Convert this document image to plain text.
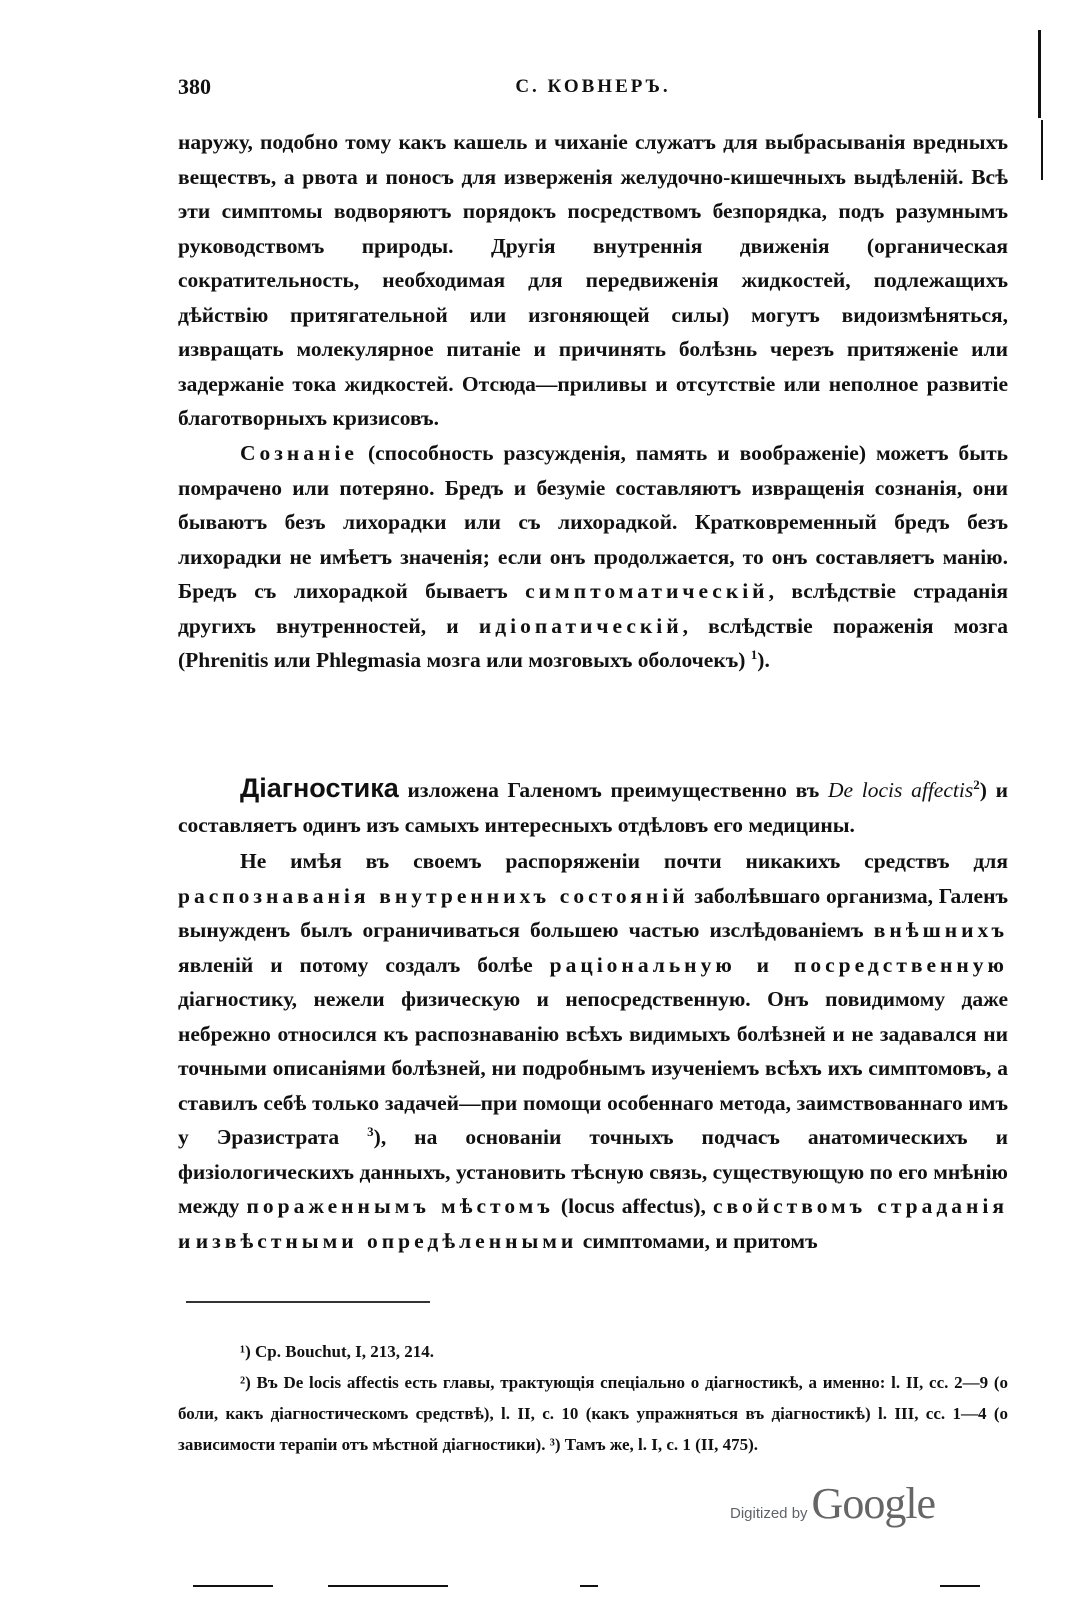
380	С. КОВНЕРЪ.
наружу, подобно тому какъ кашель и чиханіе служатъ для выбрасыванія вредныхъ веществъ, а рвота и поносъ для изверженія желудочно-кишечныхъ выдѣленій. Всѣ эти симптомы водворяютъ порядокъ посредствомъ безпорядка, подъ разумнымъ руководствомъ природы. Другія внутреннія движенія (органическая сократительность, необходимая для передвиженія жидкостей, подлежащихъ дѣйствію притягательной или изгоняющей силы) могутъ видоизмѣняться, извращать молекулярное питаніе и причинять болѣзнь черезъ притяженіе или задержаніе тока жидкостей. Отсюда—приливы и отсутствіе или неполное развитіе благотворныхъ кризисовъ.
Сознаніе (способность разсужденія, память и воображеніе) можетъ быть помрачено или потеряно. Бредъ и безуміе составляютъ извращенія сознанія, они бываютъ безъ лихорадки или съ лихорадкой. Кратковременный бредъ безъ лихорадки не имѣетъ значенія; если онъ продолжается, то онъ составляетъ манію. Бредъ съ лихорадкой бываетъ симптоматическій, вслѣдствіе страданія другихъ внутренностей, и идіопатическій, вслѣдствіе пораженія мозга (Phrenitis или Phlegmasia мозга или мозговыхъ оболочекъ) $^1$).
Діагностика изложена Галеномъ преимущественно въ De locis affectis$^2$) и составляетъ одинъ изъ самыхъ интересныхъ отдѣловъ его медицины.
Не имѣя въ своемъ распоряженіи почти никакихъ средствъ для распознаванія внутреннихъ состояній заболѣвшаго организма, Галенъ вынужденъ былъ ограничиваться большею частью изслѣдованіемъ внѣшнихъ явленій и потому создалъ болѣе раціональную и посредственную діагностику, нежели физическую и непосредственную. Онъ повидимому даже небрежно относился къ распознаванію всѣхъ видимыхъ болѣзней и не задавался ни точными описаніями болѣзней, ни подробнымъ изученіемъ всѣхъ ихъ симптомовъ, а ставилъ себѣ только задачей—при помощи особеннаго метода, заимствованнаго имъ у Эразистрата $^3$), на основаніи точныхъ подчасъ анатомическихъ и физіологическихъ данныхъ, установить тѣсную связь, существующую по его мнѣнію между пораженнымъ мѣстомъ (locus affectus), свойствомъ страданія и извѣстными опредѣленными симптомами, и притомъ

¹) Ср. Bouchut, I, 213, 214.

²) Въ De locis affectis есть главы, трактующія спеціально о діагностикѣ, а именно: l. II, сс. 2—9 (о боли, какъ діагностическомъ средствѣ), l. II, с. 10 (какъ упражняться въ діагностикѣ) l. III, сс. 1—4 (о зависимости терапіи отъ мѣстной діагностики). ³) Тамъ же, l. I, с. 1 (II, 475).

Digitized by Google
